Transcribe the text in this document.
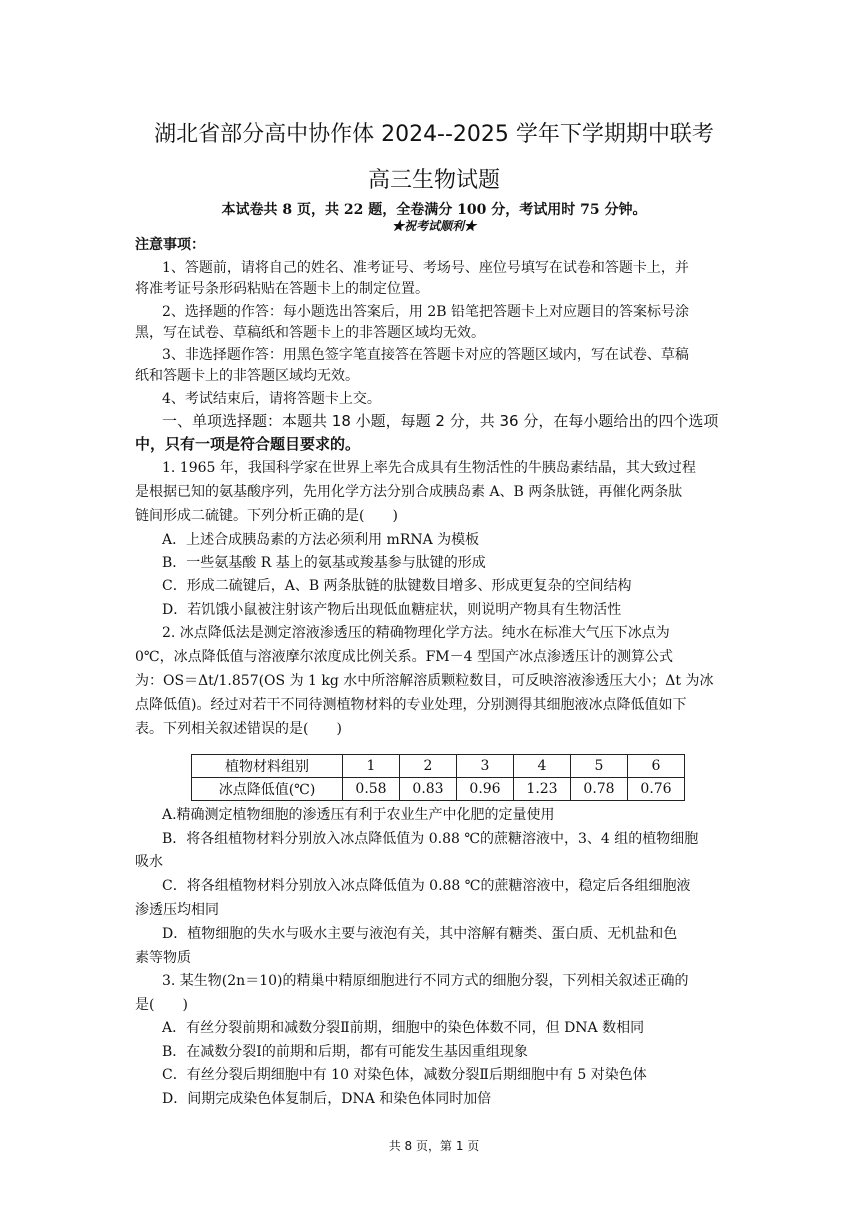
湖北省部分高中协作体 2024--2025 学年下学期期中联考
高三生物试题
本试卷共 8 页，共 22 题，全卷满分 100 分，考试用时 75 分钟。
★祝考试顺利★
注意事项：
1、答题前，请将自己的姓名、准考证号、考场号、座位号填写在试卷和答题卡上，并
将准考证号条形码粘贴在答题卡上的制定位置。
2、选择题的作答：每小题选出答案后，用 2B 铅笔把答题卡上对应题目的答案标号涂
黑，写在试卷、草稿纸和答题卡上的非答题区域均无效。
3、非选择题作答：用黑色签字笔直接答在答题卡对应的答题区域内，写在试卷、草稿
纸和答题卡上的非答题区域均无效。
4、考试结束后，请将答题卡上交。
一、单项选择题：本题共 18 小题，每题 2 分，共 36 分，在每小题给出的四个选项
中，只有一项是符合题目要求的。
1. 1965 年，我国科学家在世界上率先合成具有生物活性的牛胰岛素结晶，其大致过程
是根据已知的氨基酸序列，先用化学方法分别合成胰岛素 A、B 两条肽链，再催化两条肽
链间形成二硫键。下列分析正确的是(　　)
A．上述合成胰岛素的方法必须利用 mRNA 为模板
B．一些氨基酸 R 基上的氨基或羧基参与肽键的形成
C．形成二硫键后，A、B 两条肽链的肽键数目增多、形成更复杂的空间结构
D．若饥饿小鼠被注射该产物后出现低血糖症状，则说明产物具有生物活性
2. 冰点降低法是测定溶液渗透压的精确物理化学方法。纯水在标准大气压下冰点为
0℃，冰点降低值与溶液摩尔浓度成比例关系。FM－4 型国产冰点渗透压计的测算公式
为：OS＝Δt/1.857(OS 为 1 kg 水中所溶解溶质颗粒数目，可反映溶液渗透压大小；Δt 为冰
点降低值)。经过对若干不同待测植物材料的专业处理，分别测得其细胞液冰点降低值如下
表。下列相关叙述错误的是(　　)
植物材料组别	1	2	3	4	5	6
冰点降低值(℃)	0.58	0.83	0.96	1.23	0.78	0.76
A.精确测定植物细胞的渗透压有利于农业生产中化肥的定量使用
B．将各组植物材料分别放入冰点降低值为 0.88 ℃的蔗糖溶液中，3、4 组的植物细胞
吸水
C．将各组植物材料分别放入冰点降低值为 0.88 ℃的蔗糖溶液中，稳定后各组细胞液
渗透压均相同
D．植物细胞的失水与吸水主要与液泡有关，其中溶解有糖类、蛋白质、无机盐和色
素等物质
3. 某生物(2n＝10)的精巢中精原细胞进行不同方式的细胞分裂，下列相关叙述正确的
是(　　)
A．有丝分裂前期和减数分裂Ⅱ前期，细胞中的染色体数不同，但 DNA 数相同
B．在减数分裂Ⅰ的前期和后期，都有可能发生基因重组现象
C．有丝分裂后期细胞中有 10 对染色体，减数分裂Ⅱ后期细胞中有 5 对染色体
D．间期完成染色体复制后，DNA 和染色体同时加倍
共 8 页，第 1 页
